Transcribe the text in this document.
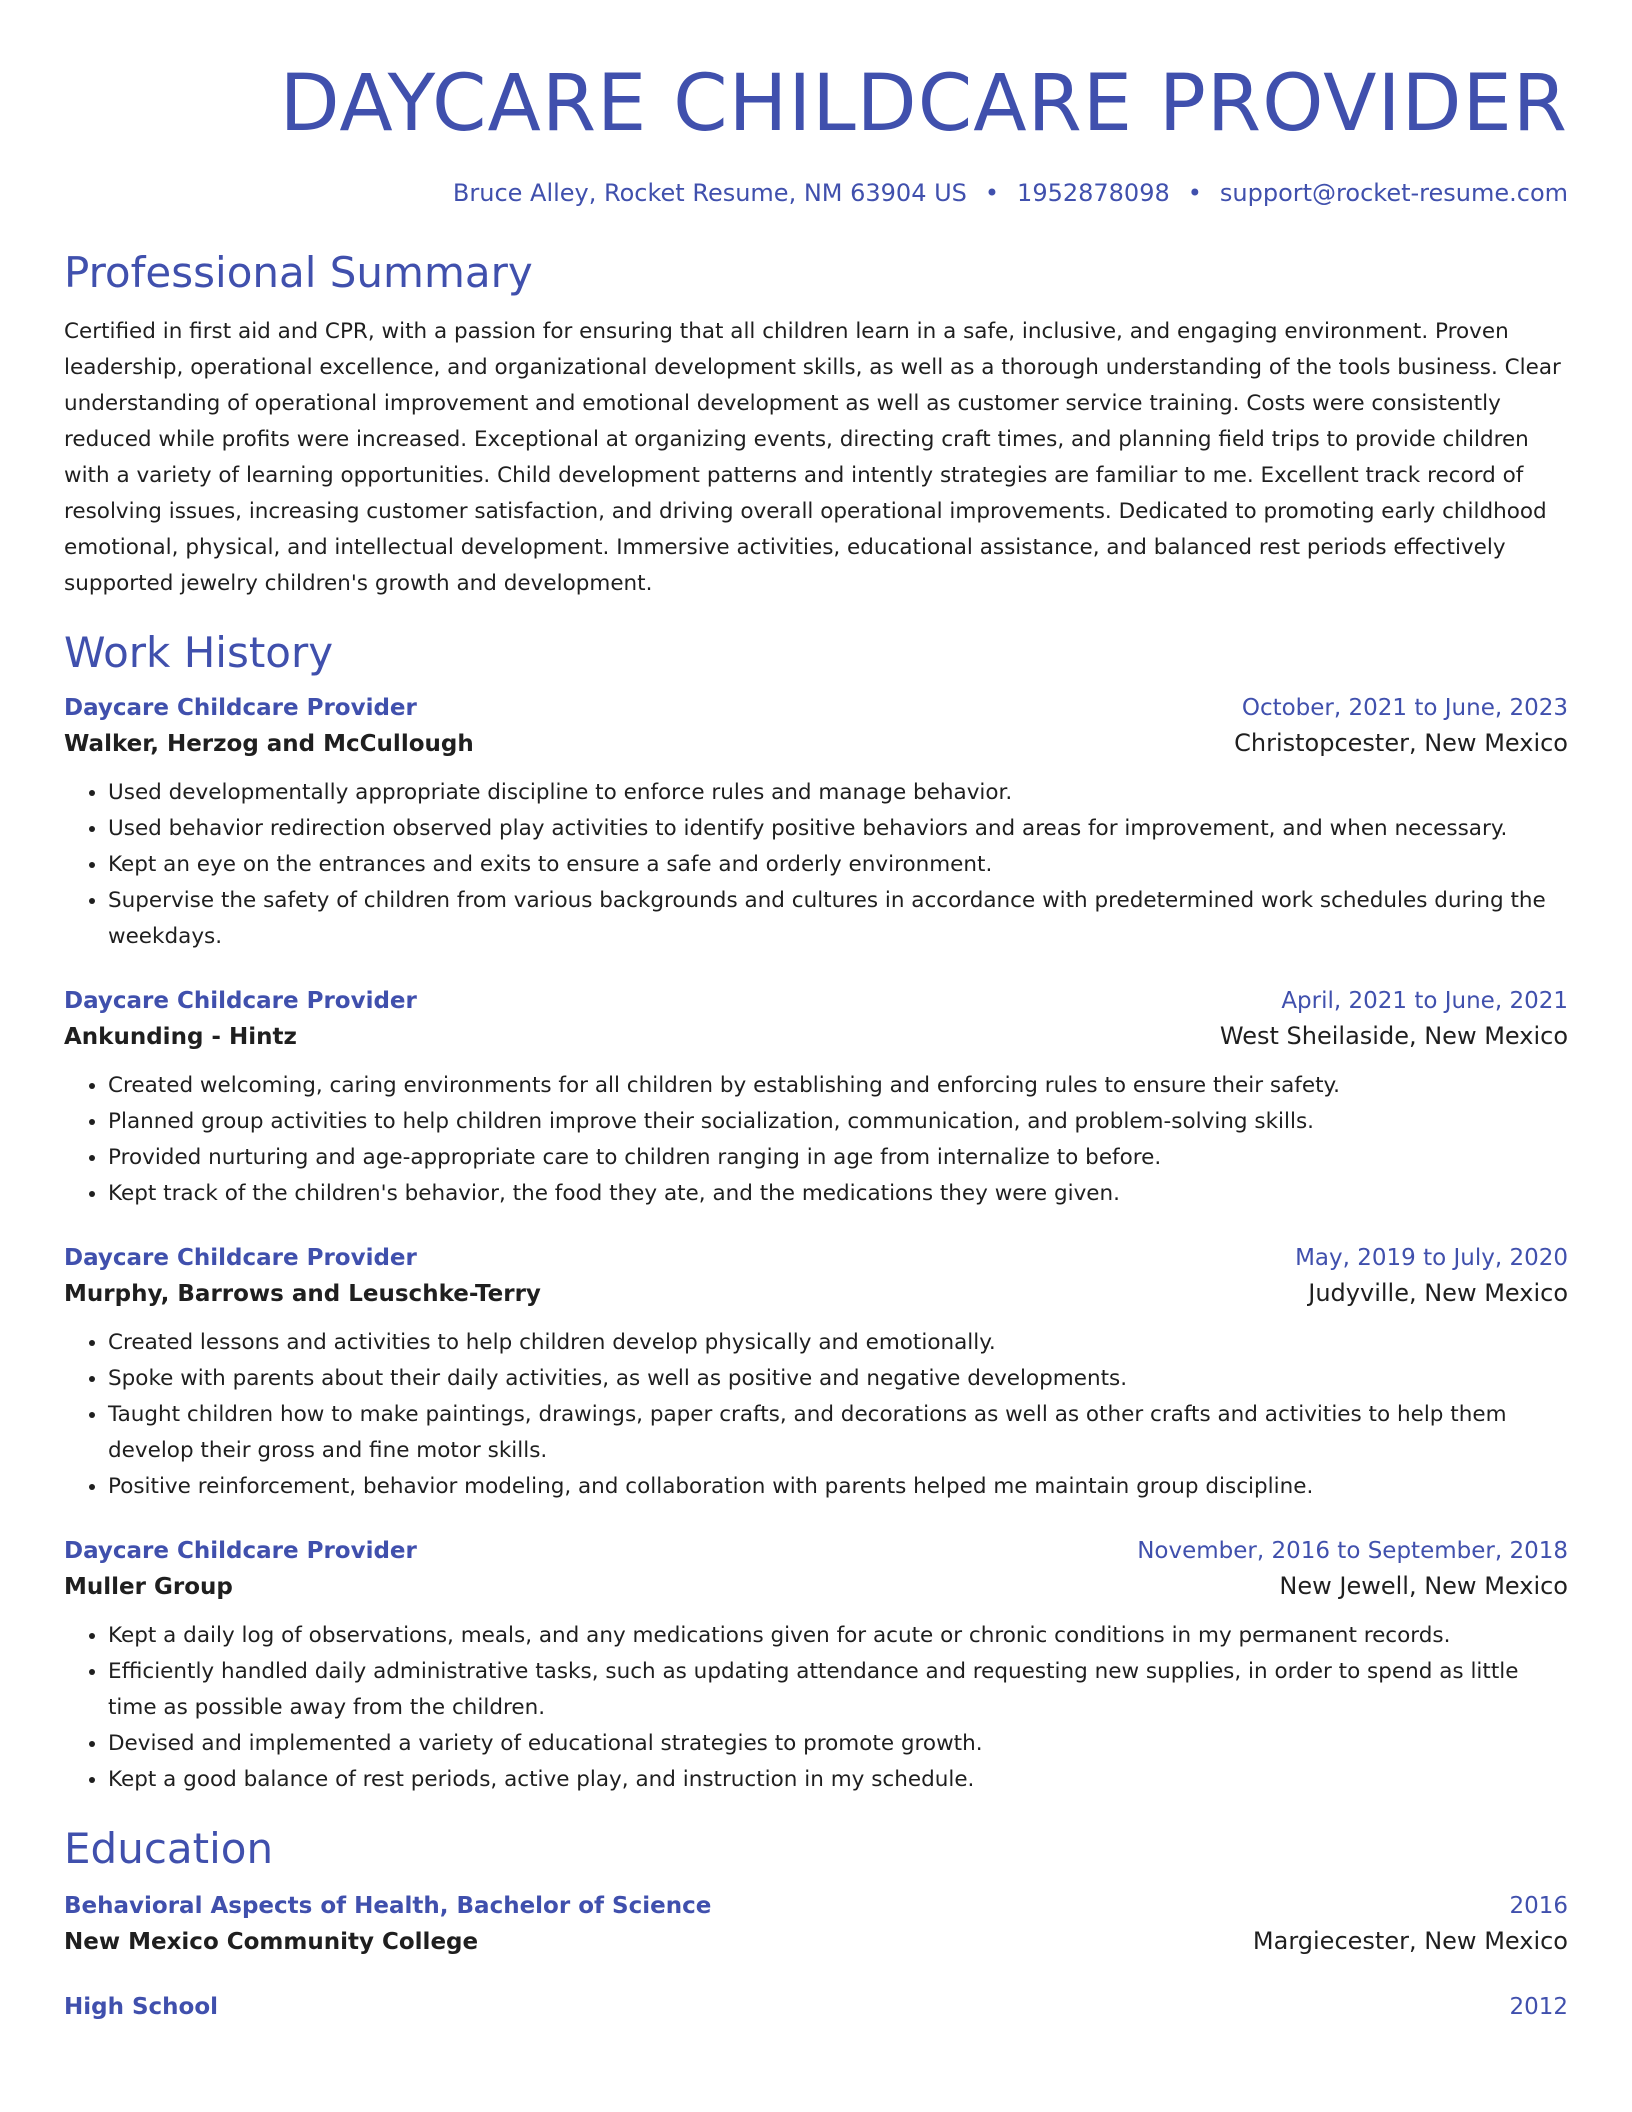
DAYCARE CHILDCARE PROVIDER
Bruce Alley, Rocket Resume, NM 63904 US • 1952878098 • support@rocket-resume.com
Professional Summary

Certified in first aid and CPR, with a passion for ensuring that all children learn in a safe, inclusive, and engaging environment. Proven leadership, operational excellence, and organizational development skills, as well as a thorough understanding of the tools business. Clear understanding of operational improvement and emotional development as well as customer service training. Costs were consistently reduced while profits were increased. Exceptional at organizing events, directing craft times, and planning field trips to provide children with a variety of learning opportunities. Child development patterns and intently strategies are familiar to me. Excellent track record of resolving issues, increasing customer satisfaction, and driving overall operational improvements. Dedicated to promoting early childhood emotional, physical, and intellectual development. Immersive activities, educational assistance, and balanced rest periods effectively supported jewelry children's growth and development.

Work History
Daycare Childcare Provider	October, 2021 to June, 2023
Walker, Herzog and McCullough	Christopcester, New Mexico
• Used developmentally appropriate discipline to enforce rules and manage behavior.
• Used behavior redirection observed play activities to identify positive behaviors and areas for improvement, and when necessary.
• Kept an eye on the entrances and exits to ensure a safe and orderly environment.
• Supervise the safety of children from various backgrounds and cultures in accordance with predetermined work schedules during the weekdays.
Daycare Childcare Provider	April, 2021 to June, 2021
Ankunding - Hintz	West Sheilaside, New Mexico
• Created welcoming, caring environments for all children by establishing and enforcing rules to ensure their safety.
• Planned group activities to help children improve their socialization, communication, and problem-solving skills.
• Provided nurturing and age-appropriate care to children ranging in age from internalize to before.
• Kept track of the children's behavior, the food they ate, and the medications they were given.
Daycare Childcare Provider	May, 2019 to July, 2020
Murphy, Barrows and Leuschke-Terry	Judyville, New Mexico
• Created lessons and activities to help children develop physically and emotionally.
• Spoke with parents about their daily activities, as well as positive and negative developments.
• Taught children how to make paintings, drawings, paper crafts, and decorations as well as other crafts and activities to help them develop their gross and fine motor skills.
• Positive reinforcement, behavior modeling, and collaboration with parents helped me maintain group discipline.
Daycare Childcare Provider	November, 2016 to September, 2018
Muller Group	New Jewell, New Mexico
• Kept a daily log of observations, meals, and any medications given for acute or chronic conditions in my permanent records.
• Efficiently handled daily administrative tasks, such as updating attendance and requesting new supplies, in order to spend as little time as possible away from the children.
• Devised and implemented a variety of educational strategies to promote growth.
• Kept a good balance of rest periods, active play, and instruction in my schedule.
Education
Behavioral Aspects of Health, Bachelor of Science	2016
New Mexico Community College	Margiecester, New Mexico
High School	2012
